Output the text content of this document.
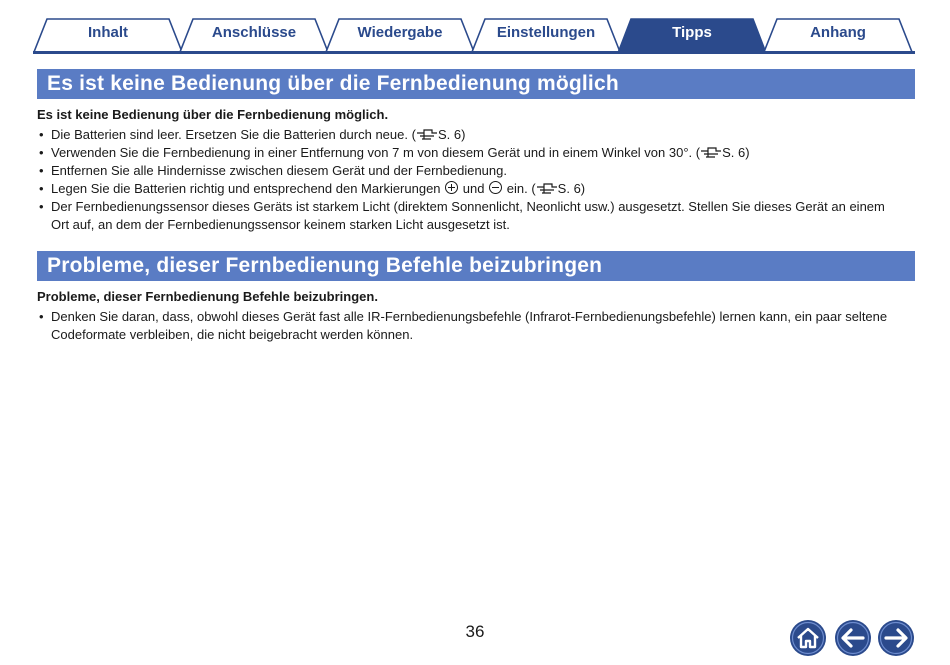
Inhalt	Anschlüsse	Wiedergabe	Einstellungen	Tipps	Anhang
Es ist keine Bedienung über die Fernbedienung möglich
Es ist keine Bedienung über die Fernbedienung möglich.
• Die Batterien sind leer. Ersetzen Sie die Batterien durch neue. ( S. 6)
• Verwenden Sie die Fernbedienung in einer Entfernung von 7 m von diesem Gerät und in einem Winkel von 30°. ( S. 6)
• Entfernen Sie alle Hindernisse zwischen diesem Gerät und der Fernbedienung.
• Legen Sie die Batterien richtig und entsprechend den Markierungen und ein. ( S. 6)
• Der Fernbedienungssensor dieses Geräts ist starkem Licht (direktem Sonnenlicht, Neonlicht usw.) ausgesetzt. Stellen Sie dieses Gerät an einem Ort auf, an dem der Fernbedienungssensor keinem starken Licht ausgesetzt ist.
Probleme, dieser Fernbedienung Befehle beizubringen
Probleme, dieser Fernbedienung Befehle beizubringen.
• Denken Sie daran, dass, obwohl dieses Gerät fast alle IR-Fernbedienungsbefehle (Infrarot-Fernbedienungsbefehle) lernen kann, ein paar seltene Codeformate verbleiben, die nicht beigebracht werden können.
36
